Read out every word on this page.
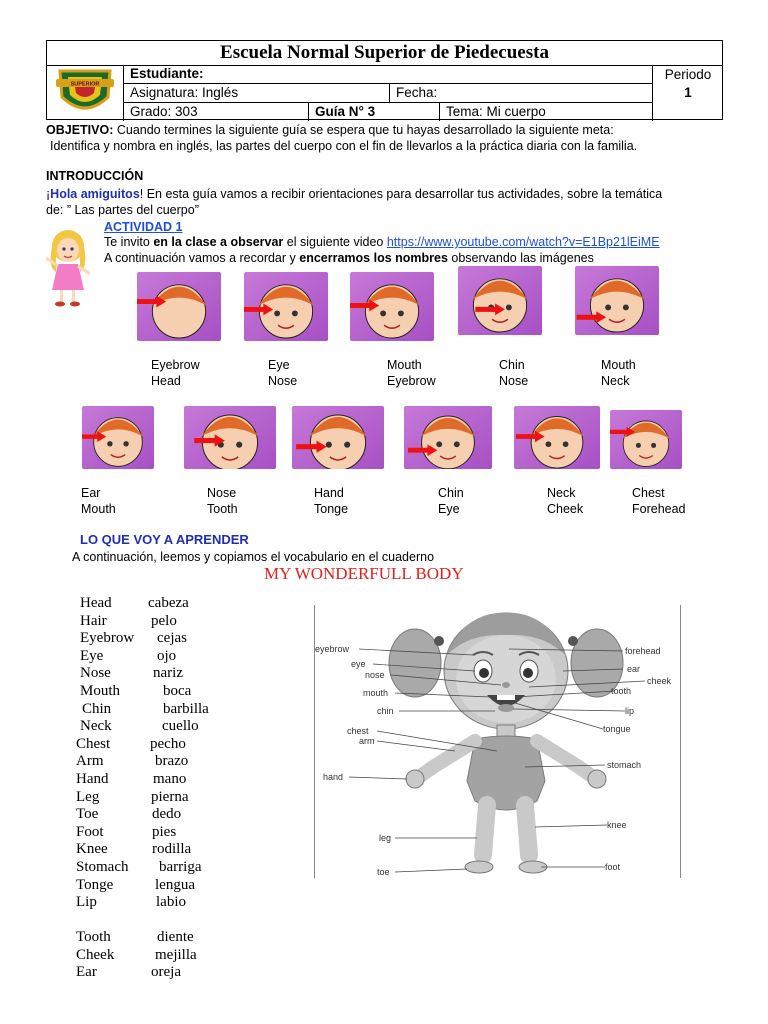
Escuela Normal Superior de Piedecuesta
SUPERIOR
Estudiante:
Asignatura: Inglés	Fecha:
Grado: 303	Guía N° 3	Tema: Mi cuerpo
Periodo
1
OBJETIVO: Cuando termines la siguiente guía se espera que tu hayas desarrollado la siguiente meta:
Identifica y nombra en inglés, las partes del cuerpo con el fin de llevarlos a la práctica diaria con la familia.
INTRODUCCIÓN
¡Hola amiguitos! En esta guía vamos a recibir orientaciones para desarrollar tus actividades, sobre la temática
de: ” Las partes del cuerpo”
ACTIVIDAD 1
Te invito en la clase a observar el siguiente video https://www.youtube.com/watch?v=E1Bp21lEiME
A continuación vamos a recordar y encerramos los nombres observando las imágenes
Eyebrow
Head
Eye
Nose
Mouth
Eyebrow
Chin
Nose
Mouth
Neck
Ear
Mouth
Nose
Tooth
Hand
Tonge
Chin
Eye
Neck
Cheek
Chest
Forehead
LO QUE VOY A APRENDER
A continuación, leemos y copiamos el vocabulario en el cuaderno
MY WONDERFULL BODY
Head cabeza
Hair	pelo
Eyebrow cejas
Eye	ojo
Nose	nariz
Mouth	boca
Chin	barbilla
Neck	cuello
Chest	pecho
Arm	brazo
Hand	mano
Leg	pierna
Toe	dedo
Foot	pies
Knee	rodilla
Stomach barriga
Tonge	lengua
Lip	labio
Tooth	diente
Cheek	mejilla
Ear	oreja
eyebrow
eye
nose
mouth
chin
chest
arm
hand
leg
toe
forehead
ear
cheek
tooth
lip
tongue
stomach
knee
foot
